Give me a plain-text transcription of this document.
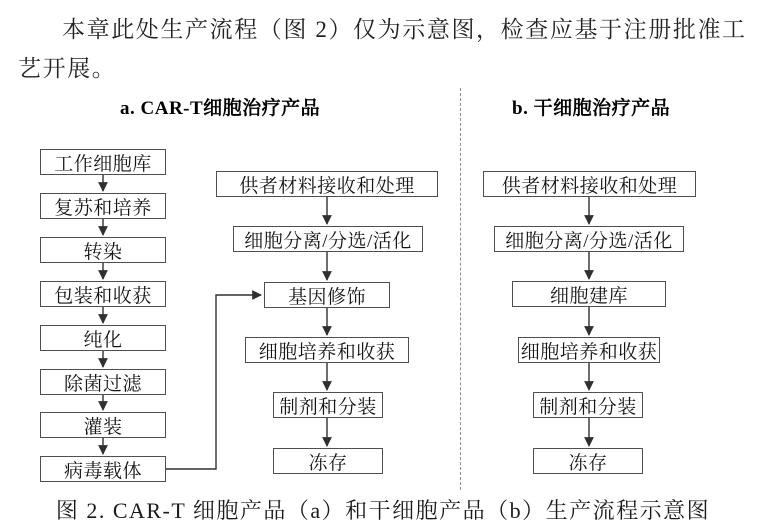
本章此处生产流程（图 2）仅为示意图，检查应基于注册批准工
艺开展。
a. CAR-T细胞治疗产品	b. 干细胞治疗产品
工作细胞库
复苏和培养
转染
包装和收获
纯化
除菌过滤
灌装
病毒载体
供者材料接收和处理
细胞分离/分选/活化
基因修饰
细胞培养和收获
制剂和分装
冻存
供者材料接收和处理
细胞分离/分选/活化
细胞建库
细胞培养和收获
制剂和分装
冻存
图 2. CAR-T 细胞产品（a）和干细胞产品（b）生产流程示意图
